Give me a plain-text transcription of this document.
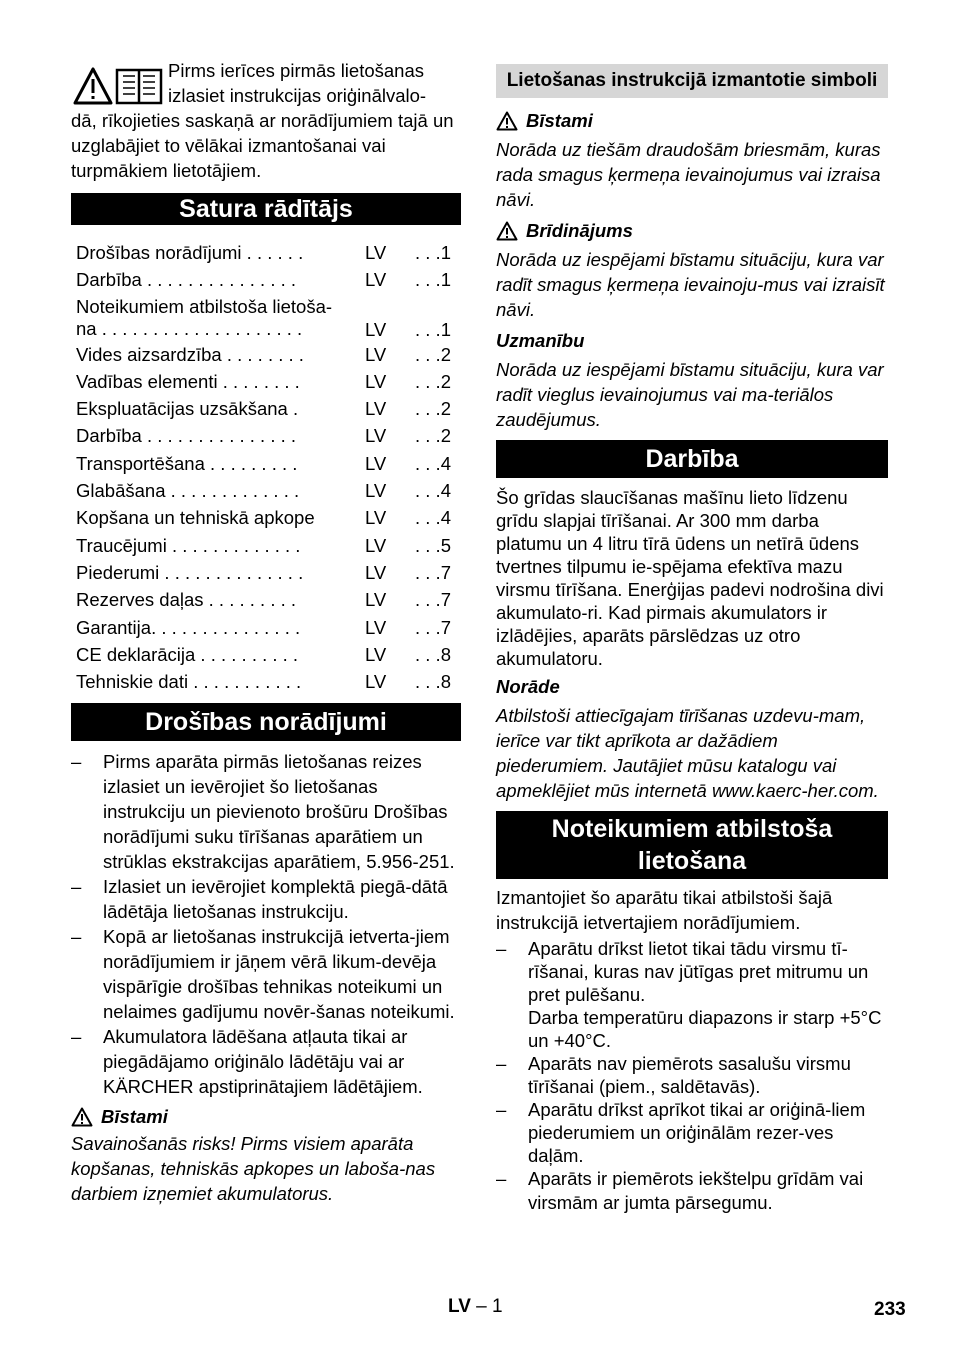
Pirms ierīces pirmās lietošanas
izlasiet instrukcijas oriģinālvalo-
dā, rīkojieties saskaņā ar norādījumiem tajā un uzglabājiet to vēlākai izmantošanai vai turpmākiem lietotājiem.
Satura rādītājs
Drošības norādījumi . . . . . .	LV . . .1
Darbība . . . . . . . . . . . . . . .	LV . . .1
Noteikumiem atbilstoša lietoša-
na . . . . . . . . . . . . . . . . . . . .	LV . . .1
Vides aizsardzība . . . . . . . .	LV . . .2
Vadības elementi . . . . . . . .	LV . . .2
Ekspluatācijas uzsākšana .	LV . . .2
Darbība . . . . . . . . . . . . . . .	LV . . .2
Transportēšana . . . . . . . . .	LV . . .4
Glabāšana . . . . . . . . . . . . .	LV . . .4
Kopšana un tehniskā apkope	LV . . .4
Traucējumi . . . . . . . . . . . . .	LV . . .5
Piederumi . . . . . . . . . . . . . .	LV . . .7
Rezerves daļas . . . . . . . . .	LV . . .7
Garantija. . . . . . . . . . . . . . .	LV . . .7
CE deklarācija . . . . . . . . . .	LV . . .8
Tehniskie dati . . . . . . . . . . .	LV . . .8
Drošības norādījumi
– Pirms aparāta pirmās lietošanas reizes izlasiet un ievērojiet šo lietošanas instrukciju un pievienoto brošūru Drošības norādījumi suku tīrīšanas aparātiem un strūklas ekstrakcijas aparātiem, 5.956-251.
– Izlasiet un ievērojiet komplektā piegā-dātā lādētāja lietošanas instrukciju.
– Kopā ar lietošanas instrukcijā ietverta-jiem norādījumiem ir jāņem vērā likum-devēja vispārīgie drošības tehnikas noteikumi un nelaimes gadījumu novēr-šanas noteikumi.
– Akumulatora lādēšana atļauta tikai ar piegādājamo oriģinālo lādētāju vai ar KÄRCHER apstiprinātajiem lādētājiem.
Bīstami
Savainošanās risks! Pirms visiem aparāta kopšanas, tehniskās apkopes un laboša-nas darbiem izņemiet akumulatorus.
Lietošanas instrukcijā izmantotie simboli
Bīstami
Norāda uz tiešām draudošām briesmām, kuras rada smagus ķermeņa ievainojumus vai izraisa nāvi.
Brīdinājums
Norāda uz iespējami bīstamu situāciju, kura var radīt smagus ķermeņa ievainoju-mus vai izraisīt nāvi.
Uzmanību
Norāda uz iespējami bīstamu situāciju, kura var radīt vieglus ievainojumus vai ma-teriālos zaudējumus.
Darbība
Šo grīdas slaucīšanas mašīnu lieto līdzenu grīdu slapjai tīrīšanai. Ar 300 mm darba platumu un 4 litru tīrā ūdens un netīrā ūdens tvertnes tilpumu ie-spējama efektīva mazu virsmu tīrīšana. Enerģijas padevi nodrošina divi akumulato-ri. Kad pirmais akumulators ir izlādējies, aparāts pārslēdzas uz otro akumulatoru.
Norāde
Atbilstoši attiecīgajam tīrīšanas uzdevu-mam, ierīce var tikt aprīkota ar dažādiem piederumiem. Jautājiet mūsu katalogu vai apmeklējiet mūs internetā www.kaerc-her.com.
Noteikumiem atbilstoša lietošana
Izmantojiet šo aparātu tikai atbilstoši šajā instrukcijā ietvertajiem norādījumiem.
– Aparātu drīkst lietot tikai tādu virsmu tī-rīšanai, kuras nav jūtīgas pret mitrumu un pret pulēšanu.
Darba temperatūru diapazons ir starp +5°C un +40°C.
– Aparāts nav piemērots sasalušu virsmu tīrīšanai (piem., saldētavās).
– Aparātu drīkst aprīkot tikai ar oriģinā-liem piederumiem un oriģinālām rezer-ves daļām.
– Aparāts ir piemērots iekštelpu grīdām vai virsmām ar jumta pārsegumu.
LV – 1	233
